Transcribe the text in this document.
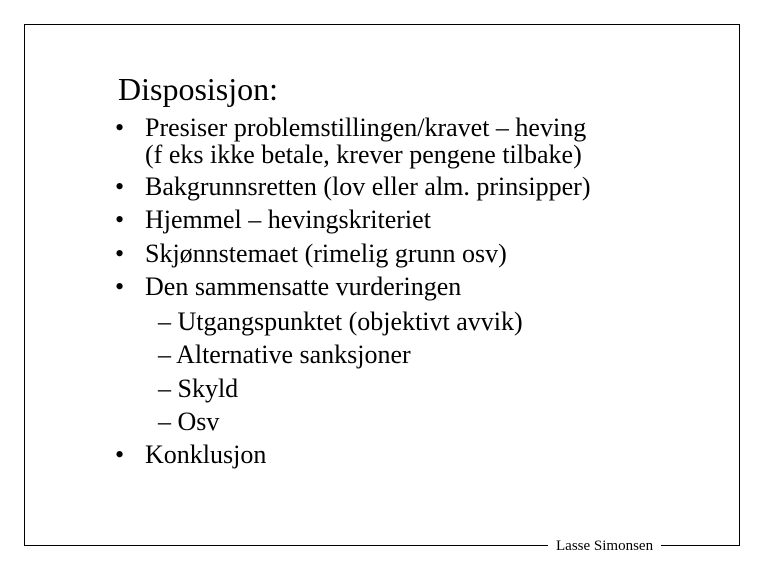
Disposisjon:
• Presiser problemstillingen/kravet – heving
(f eks ikke betale, krever pengene tilbake)
• Bakgrunnsretten (lov eller alm. prinsipper)
• Hjemmel – hevingskriteriet
• Skjønnstemaet (rimelig grunn osv)
• Den sammensatte vurderingen
– Utgangspunktet (objektivt avvik)
– Alternative sanksjoner
– Skyld
– Osv
• Konklusjon
Lasse Simonsen
